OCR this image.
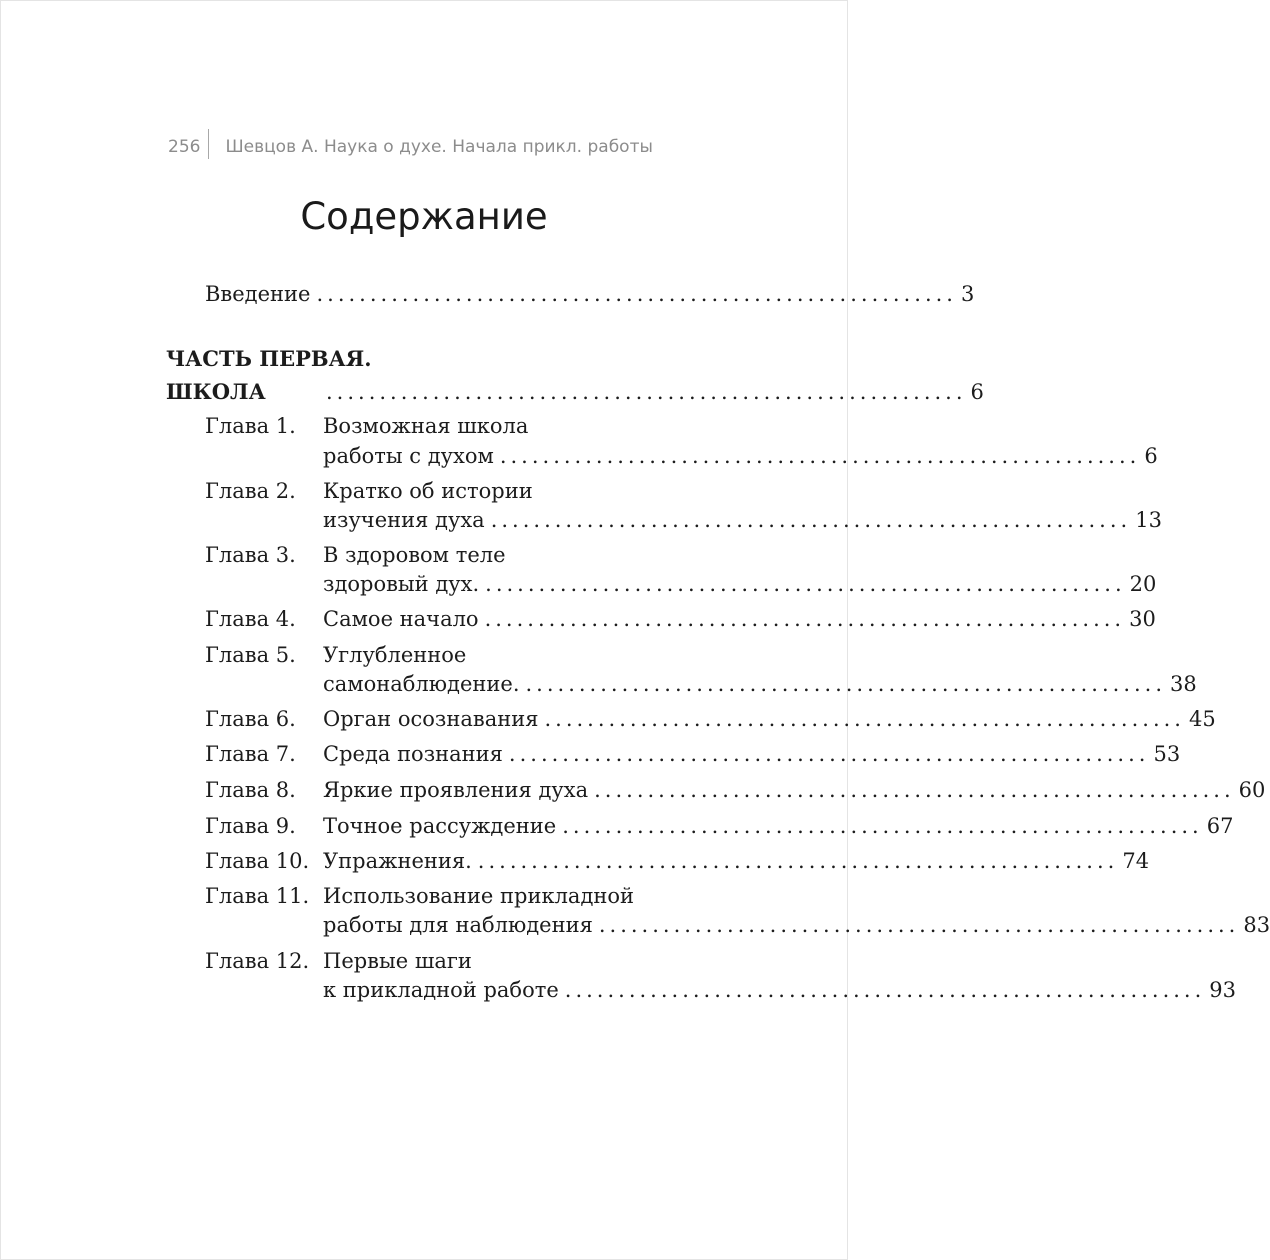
256 Шевцов А. Наука о духе. Начала прикл. работы
Содержание
Введение ............................................................ 3
ЧАСТЬ ПЕРВАЯ.
ШКОЛА	............................................................ 6
Глава 1. Возможная школа
работы с духом ............................................................ 6
Глава 2. Кратко об истории
изучения духа ............................................................ 13
Глава 3. В здоровом теле
здоровый дух. ............................................................ 20
Глава 4. Самое начало ............................................................ 30
Глава 5. Углубленное
самонаблюдение. ............................................................ 38
Глава 6. Орган осознавания ............................................................ 45
Глава 7. Среда познания ............................................................ 53
Глава 8. Яркие проявления духа ............................................................ 60
Глава 9. Точное рассуждение ............................................................ 67
Глава 10. Упражнения. ............................................................ 74
Глава 11. Использование прикладной
работы для наблюдения ............................................................ 83
Глава 12. Первые шаги
к прикладной работе ............................................................ 93
